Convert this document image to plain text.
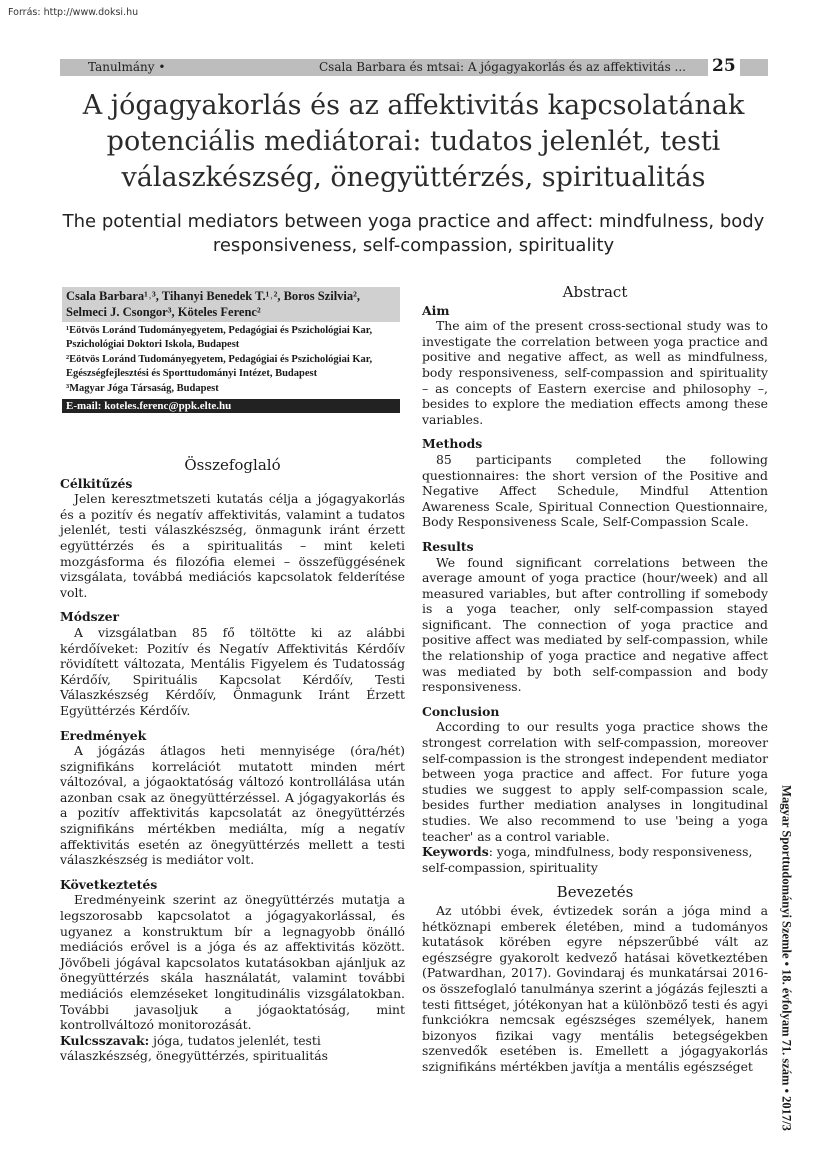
Forrás: http://www.doksi.hu
Tanulmány •	Csala Barbara és mtsai: A jógagyakorlás és az affektivitás ... 25
A jógagyakorlás és az affektivitás kapcsolatának potenciális mediátorai: tudatos jelenlét, testi válaszkészség, önegyüttérzés, spiritualitás
The potential mediators between yoga practice and affect: mindfulness, body responsiveness, self-compassion, spirituality
Csala Barbara¹˒³, Tihanyi Benedek T.¹˒², Boros Szilvia², Selmeci J. Csongor³, Köteles Ferenc²
¹Eötvös Loránd Tudományegyetem, Pedagógiai és Pszichológiai Kar, Pszichológiai Doktori Iskola, Budapest
²Eötvös Loránd Tudományegyetem, Pedagógiai és Pszichológiai Kar, Egészségfejlesztési és Sporttudományi Intézet, Budapest
³Magyar Jóga Társaság, Budapest
E-mail: koteles.ferenc@ppk.elte.hu
Összefoglaló
Célkitűzés
Jelen keresztmetszeti kutatás célja a jógagyakorlás és a pozitív és negatív affektivitás, valamint a tudatos jelenlét, testi válaszkészség, önmagunk iránt érzett együttérzés és a spiritualitás – mint keleti mozgásforma és filozófia elemei – összefüggésének vizsgálata, továbbá mediációs kapcsolatok felderítése volt.
Módszer
A vizsgálatban 85 fő töltötte ki az alábbi kérdőíveket: Pozitív és Negatív Affektivitás Kérdőív rövidített változata, Mentális Figyelem és Tudatosság Kérdőív, Spirituális Kapcsolat Kérdőív, Testi Válaszkészség Kérdőív, Önmagunk Iránt Érzett Együttérzés Kérdőív.
Eredmények
A jógázás átlagos heti mennyisége (óra/hét) szignifikáns korrelációt mutatott minden mért változóval, a jógaoktatóság változó kontrollálása után azonban csak az önegyüttérzéssel. A jógagyakorlás és a pozitív affektivitás kapcsolatát az önegyüttérzés szignifikáns mértékben mediálta, míg a negatív affektivitás esetén az önegyüttérzés mellett a testi válaszkészség is mediátor volt.
Következtetés
Eredményeink szerint az önegyüttérzés mutatja a legszorosabb kapcsolatot a jógagyakorlással, és ugyanez a konstruktum bír a legnagyobb önálló mediációs erővel is a jóga és az affektivitás között. Jövőbeli jógával kapcsolatos kutatásokban ajánljuk az önegyüttérzés skála használatát, valamint további mediációs elemzéseket longitudinális vizsgálatokban. További javasoljuk a jógaoktatóság, mint kontrollváltozó monitorozását.
Kulcsszavak: jóga, tudatos jelenlét, testi válaszkészség, önegyüttérzés, spiritualitás
Abstract
Aim
The aim of the present cross-sectional study was to investigate the correlation between yoga practice and positive and negative affect, as well as mindfulness, body responsiveness, self-compassion and spirituality – as concepts of Eastern exercise and philosophy –, besides to explore the mediation effects among these variables.
Methods
85 participants completed the following questionnaires: the short version of the Positive and Negative Affect Schedule, Mindful Attention Awareness Scale, Spiritual Connection Questionnaire, Body Responsiveness Scale, Self-Compassion Scale.
Results
We found significant correlations between the average amount of yoga practice (hour/week) and all measured variables, but after controlling if somebody is a yoga teacher, only self-compassion stayed significant. The connection of yoga practice and positive affect was mediated by self-compassion, while the relationship of yoga practice and negative affect was mediated by both self-compassion and body responsiveness.
Conclusion
According to our results yoga practice shows the strongest correlation with self-compassion, moreover self-compassion is the strongest independent mediator between yoga practice and affect. For future yoga studies we suggest to apply self-compassion scale, besides further mediation analyses in longitudinal studies. We also recommend to use 'being a yoga teacher' as a control variable.
Keywords: yoga, mindfulness, body responsiveness, self-compassion, spirituality
Bevezetés
Az utóbbi évek, évtizedek során a jóga mind a hétköznapi emberek életében, mind a tudományos kutatások körében egyre népszerűbbé vált az egészségre gyakorolt kedvező hatásai következtében (Patwardhan, 2017). Govindaraj és munkatársai 2016-os összefoglaló tanulmánya szerint a jógázás fejleszti a testi fittséget, jótékonyan hat a különböző testi és agyi funkciókra nemcsak egészséges személyek, hanem bizonyos fizikai vagy mentális betegségekben szenvedők esetében is. Emellett a jógagyakorlás szignifikáns mértékben javítja a mentális egészséget	Magyar Sporttudományi Szemle • 18. évfolyam 71. szám • 2017/3
